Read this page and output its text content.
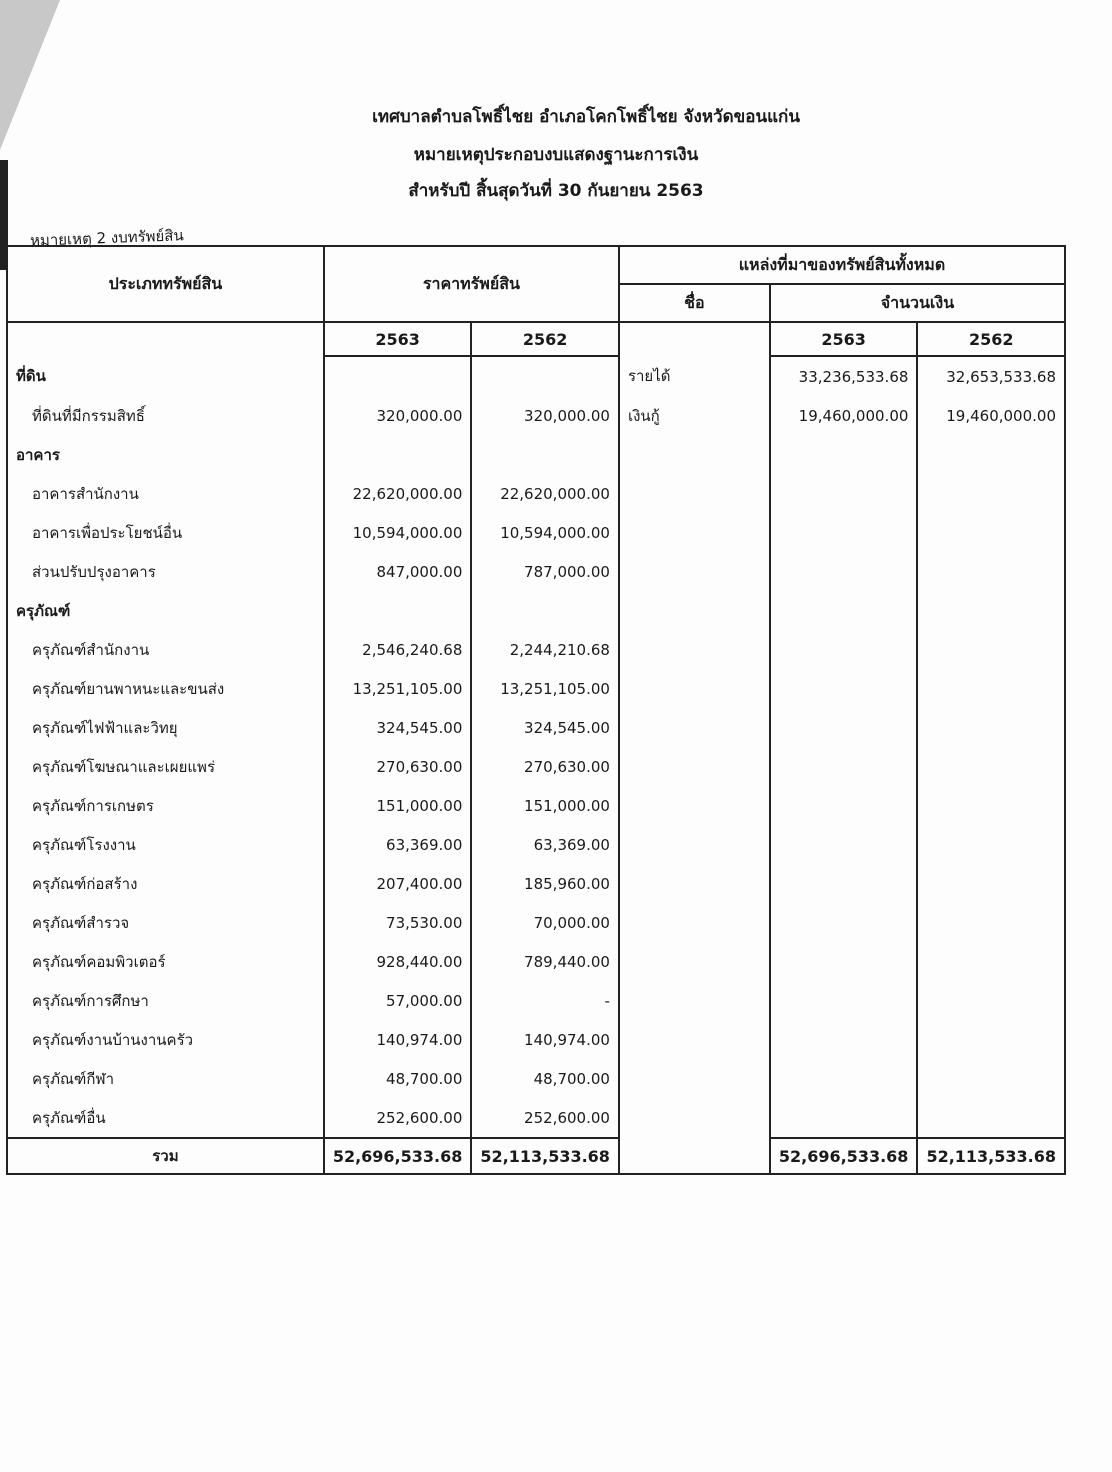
เทศบาลตำบลโพธิ์ไชย อำเภอโคกโพธิ์ไชย จังหวัดขอนแก่น
หมายเหตุประกอบงบแสดงฐานะการเงิน
สำหรับปี สิ้นสุดวันที่ 30 กันยายน 2563
หมายเหตุ 2 งบทรัพย์สิน
ประเภททรัพย์สิน	ราคาทรัพย์สิน		แหล่งที่มาของทรัพย์สินทั้งหมด		
			ชื่อ	จำนวนเงิน	
	2563	2562		2563	2562
ที่ดิน			รายได้	33,236,533.68	32,653,533.68
ที่ดินที่มีกรรมสิทธิ์	320,000.00	320,000.00	เงินกู้	19,460,000.00	19,460,000.00
อาคาร					
อาคารสำนักงาน	22,620,000.00	22,620,000.00			
อาคารเพื่อประโยชน์อื่น	10,594,000.00	10,594,000.00			
ส่วนปรับปรุงอาคาร	847,000.00	787,000.00			
ครุภัณฑ์					
ครุภัณฑ์สำนักงาน	2,546,240.68	2,244,210.68			
ครุภัณฑ์ยานพาหนะและขนส่ง	13,251,105.00	13,251,105.00			
ครุภัณฑ์ไฟฟ้าและวิทยุ	324,545.00	324,545.00			
ครุภัณฑ์โฆษณาและเผยแพร่	270,630.00	270,630.00			
ครุภัณฑ์การเกษตร	151,000.00	151,000.00			
ครุภัณฑ์โรงงาน	63,369.00	63,369.00			
ครุภัณฑ์ก่อสร้าง	207,400.00	185,960.00			
ครุภัณฑ์สำรวจ	73,530.00	70,000.00			
ครุภัณฑ์คอมพิวเตอร์	928,440.00	789,440.00			
ครุภัณฑ์การศึกษา	57,000.00	-			
ครุภัณฑ์งานบ้านงานครัว	140,974.00	140,974.00			
ครุภัณฑ์กีฬา	48,700.00	48,700.00			
ครุภัณฑ์อื่น	252,600.00	252,600.00			
รวม	52,696,533.68	52,113,533.68		52,696,533.68	52,113,533.68
